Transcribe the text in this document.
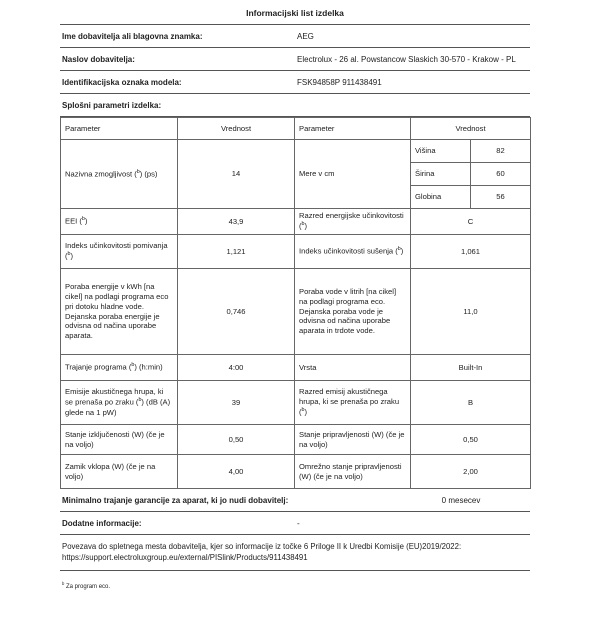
Informacijski list izdelka
Ime dobavitelja ali blagovna znamka:	AEG
Naslov dobavitelja:	Electrolux - 26 al. Powstancow Slaskich 30-570 - Krakow - PL
Identifikacijska oznaka modela:	FSK94858P 911438491
Splošni parametri izdelka:
Parameter	Vrednost	Parameter	Vrednost	
Nazivna zmogljivost ($^b$) (ps)	14	Mere v cm	Višina	82
			Širina	60
			Globina	56
EEI ($^b$)	43,9	Razred energijske učinkovitosti ($^b$)	C	
Indeks učinkovitosti pomivanja ($^b$)	1,121	Indeks učinkovitosti sušenja ($^b$)	1,061	
Poraba energije v kWh [na cikel] na podlagi programa eco pri dotoku hladne vode. Dejanska poraba energije je odvisna od načina uporabe aparata.	0,746	Poraba vode v litrih [na cikel] na podlagi programa eco. Dejanska poraba vode je odvisna od načina uporabe aparata in trdote vode.	11,0	
Trajanje programa ($^b$) (h:min)	4:00	Vrsta	Built-In	
Emisije akustičnega hrupa, ki se prenaša po zraku ($^b$) (dB (A) glede na 1 pW)	39	Razred emisij akustičnega hrupa, ki se prenaša po zraku ($^b$)	B	
Stanje izključenosti (W) (če je na voljo)	0,50	Stanje pripravljenosti (W) (če je na voljo)	0,50	
Zamik vklopa (W) (če je na voljo)	4,00	Omrežno stanje pripravljenosti (W) (če je na voljo)	2,00	
Minimalno trajanje garancije za aparat, ki jo nudi dobavitelj:	0 mesecev
Dodatne informacije:	-
Povezava do spletnega mesta dobavitelja, kjer so informacije iz točke 6 Priloge II k Uredbi Komisije (EU)2019/2022: https://support.electroluxgroup.eu/external/PISlink/Products/911438491
$^b$ Za program eco.
